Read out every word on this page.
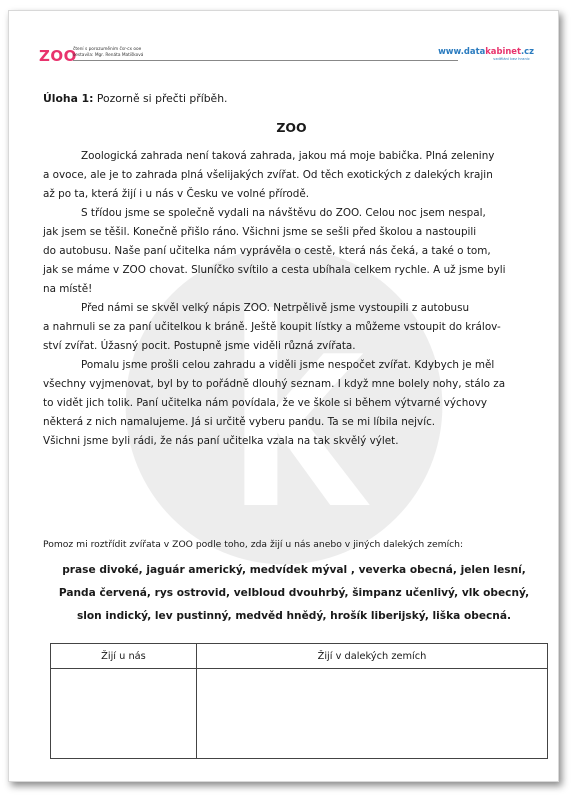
ZOO
čtení s porozuměním čsr-cx ooe
sestavila: Mgr. Renáta Matišková	www.datakabinet.cz
vzdělání bez hranic
Úloha 1: Pozorně si přečti příběh.
ZOO
Zoologická zahrada není taková zahrada, jakou má moje babička. Plná zeleniny
a ovoce, ale je to zahrada plná všelijakých zvířat. Od těch exotických z dalekých krajin
až po ta, která žijí i u nás v Česku ve volné přírodě.
S třídou jsme se společně vydali na návštěvu do ZOO. Celou noc jsem nespal,
jak jsem se těšil. Konečně přišlo ráno. Všichni jsme se sešli před školou a nastoupili
do autobusu. Naše paní učitelka nám vyprávěla o cestě, která nás čeká, a také o tom,
jak se máme v ZOO chovat. Sluníčko svítilo a cesta ubíhala celkem rychle. A už jsme byli
na místě!
Před námi se skvěl velký nápis ZOO. Netrpělivě jsme vystoupili z autobusu
a nahrnuli se za paní učitelkou k bráně. Ještě koupit lístky a můžeme vstoupit do králov-
ství zvířat. Úžasný pocit. Postupně jsme viděli různá zvířata.
Pomalu jsme prošli celou zahradu a viděli jsme nespočet zvířat. Kdybych je měl
všechny vyjmenovat, byl by to pořádně dlouhý seznam. I když mne bolely nohy, stálo za
to vidět jich tolik. Paní učitelka nám povídala, že ve škole si během výtvarné výchovy
některá z nich namalujeme. Já si určitě vyberu pandu. Ta se mi líbila nejvíc.
Všichni jsme byli rádi, že nás paní učitelka vzala na tak skvělý výlet.
Pomoz mi roztřídit zvířata v ZOO podle toho, zda žijí u nás anebo v jiných dalekých zemích:
prase divoké, jaguár americký, medvídek mýval , veverka obecná, jelen lesní,
Panda červená, rys ostrovid, velbloud dvouhrbý, šimpanz učenlivý, vlk obecný,
slon indický, lev pustinný, medvěd hnědý, hrošík liberijský, liška obecná.
Žijí u nás	Žijí v dalekých zemích
